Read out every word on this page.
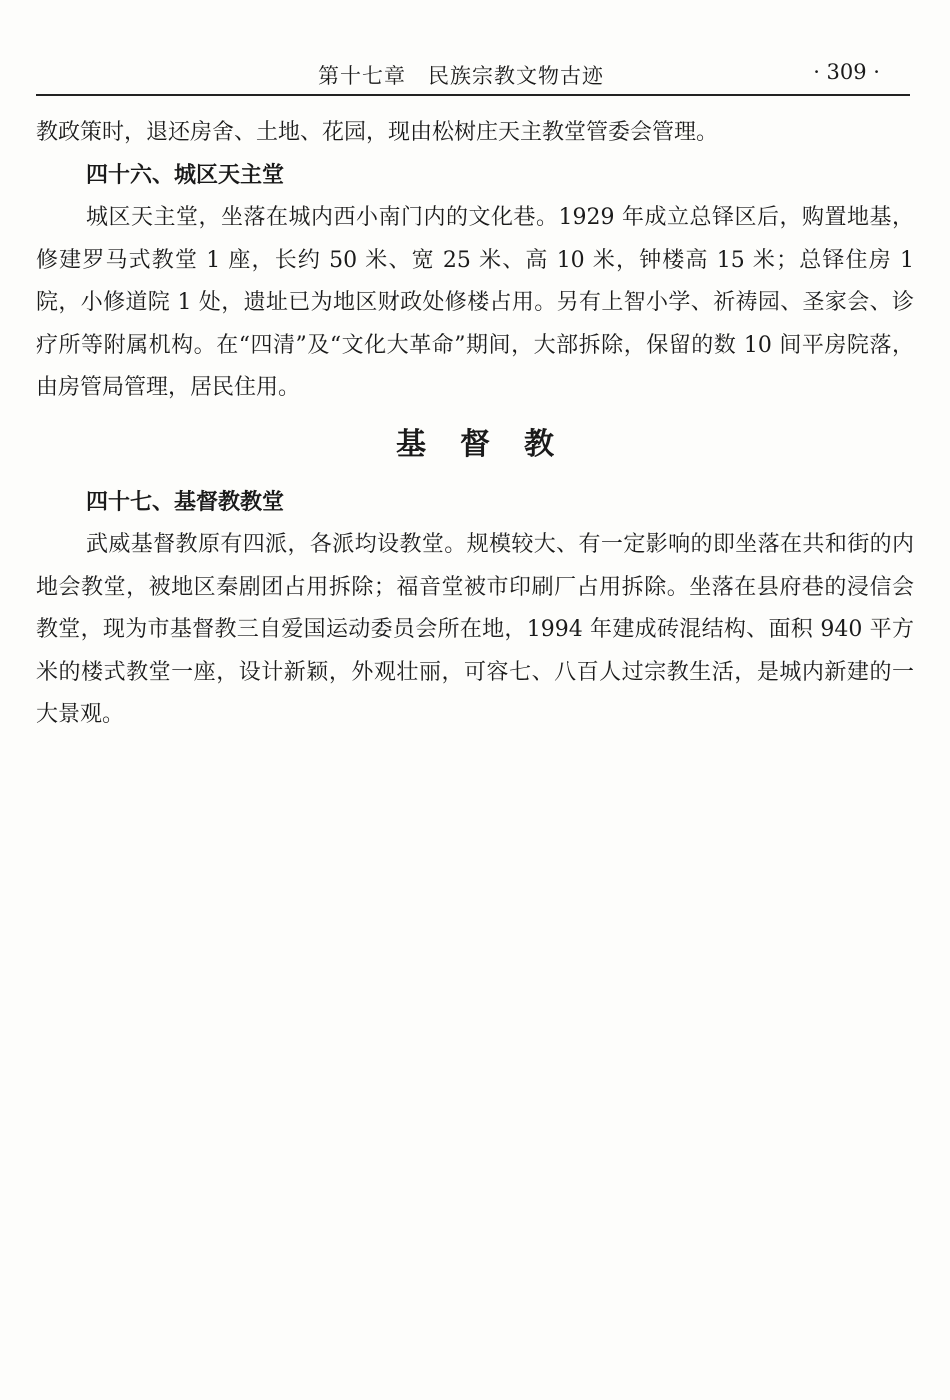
第十七章　民族宗教文物古迹	· 309 ·

教政策时，退还房舍、土地、花园，现由松树庄天主教堂管委会管理。

四十六、城区天主堂

城区天主堂，坐落在城内西小南门内的文化巷。1929 年成立总铎区后，购置地基，修建罗马式教堂 1 座，长约 50 米、宽 25 米、高 10 米，钟楼高 15 米；总铎住房 1 院，小修道院 1 处，遗址已为地区财政处修楼占用。另有上智小学、祈祷园、圣家会、诊疗所等附属机构。在“四清”及“文化大革命”期间，大部拆除，保留的数 10 间平房院落，由房管局管理，居民住用。

基督教
四十七、基督教教堂

武威基督教原有四派，各派均设教堂。规模较大、有一定影响的即坐落在共和街的内地会教堂，被地区秦剧团占用拆除；福音堂被市印刷厂占用拆除。坐落在县府巷的浸信会教堂，现为市基督教三自爱国运动委员会所在地，1994 年建成砖混结构、面积 940 平方米的楼式教堂一座，设计新颖，外观壮丽，可容七、八百人过宗教生活，是城内新建的一大景观。
